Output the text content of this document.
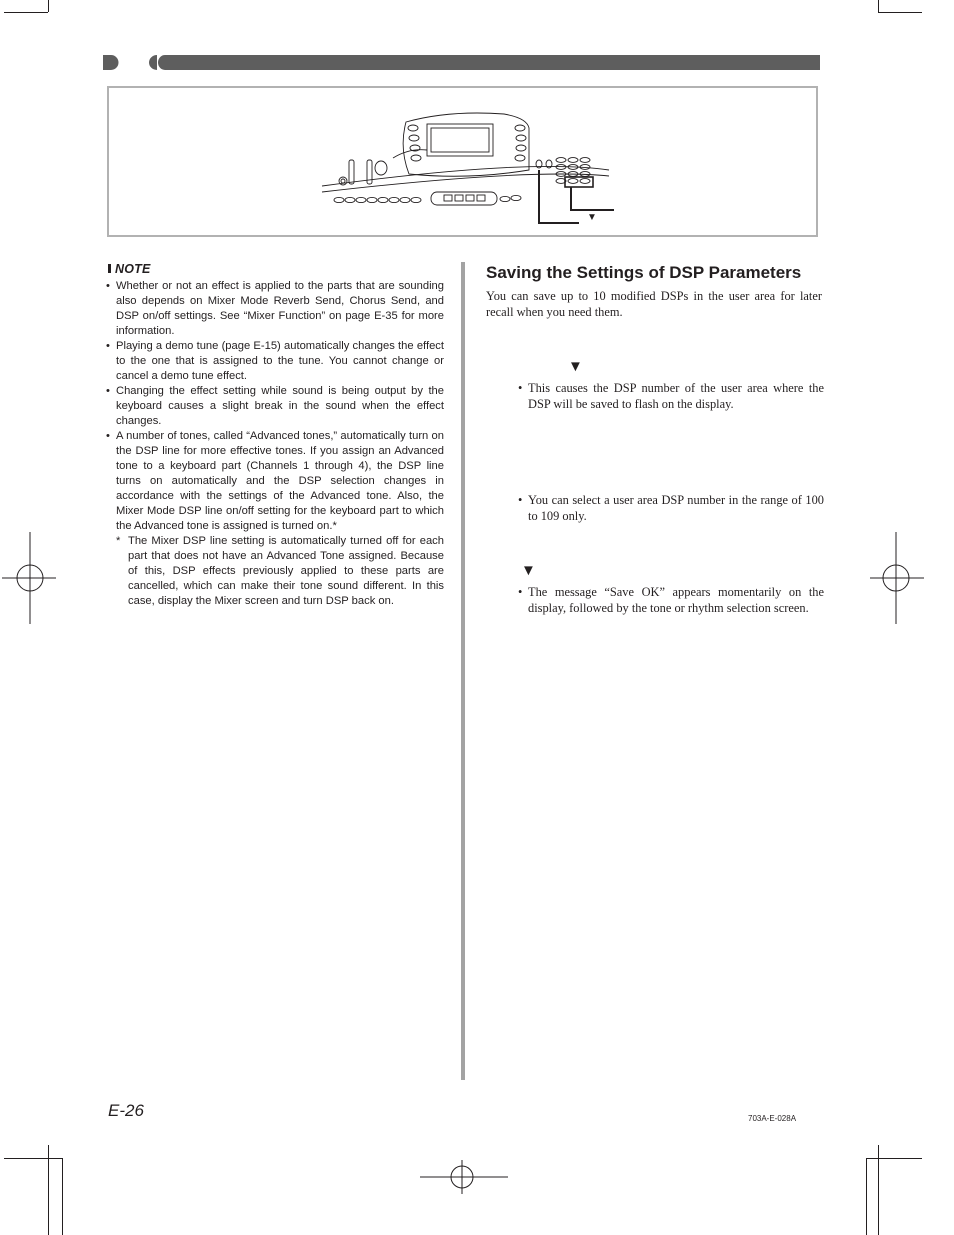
▼
NOTE
• Whether or not an effect is applied to the parts that are sounding also depends on Mixer Mode Reverb Send, Chorus Send, and DSP on/off settings. See “Mixer Function” on page E-35 for more information.
• Playing a demo tune (page E-15) automatically changes the effect to the one that is assigned to the tune. You cannot change or cancel a demo tune effect.
• Changing the effect setting while sound is being output by the keyboard causes a slight break in the sound when the effect changes.
• A number of tones, called “Advanced tones,” automatically turn on the DSP line for more effective tones. If you assign an Advanced tone to a keyboard part (Channels 1 through 4), the DSP line turns on automatically and the DSP selection changes in accordance with the settings of the Advanced tone. Also, the Mixer Mode DSP line on/off setting for the keyboard part to which the Advanced tone is assigned is turned on.*
* The Mixer DSP line setting is automatically turned off for each part that does not have an Advanced Tone assigned. Because of this, DSP effects previously applied to these parts are cancelled, which can make their tone sound different. In this case, display the Mixer screen and turn DSP back on.
Saving the Settings of DSP Parameters
You can save up to 10 modified DSPs in the user area for later recall when you need them.
▼
• This causes the DSP number of the user area where the DSP will be saved to flash on the display.
• You can select a user area DSP number in the range of 100 to 109 only.
▼
• The message “Save OK” appears momentarily on the display, followed by the tone or rhythm selection screen.
E-26	703A-E-028A
